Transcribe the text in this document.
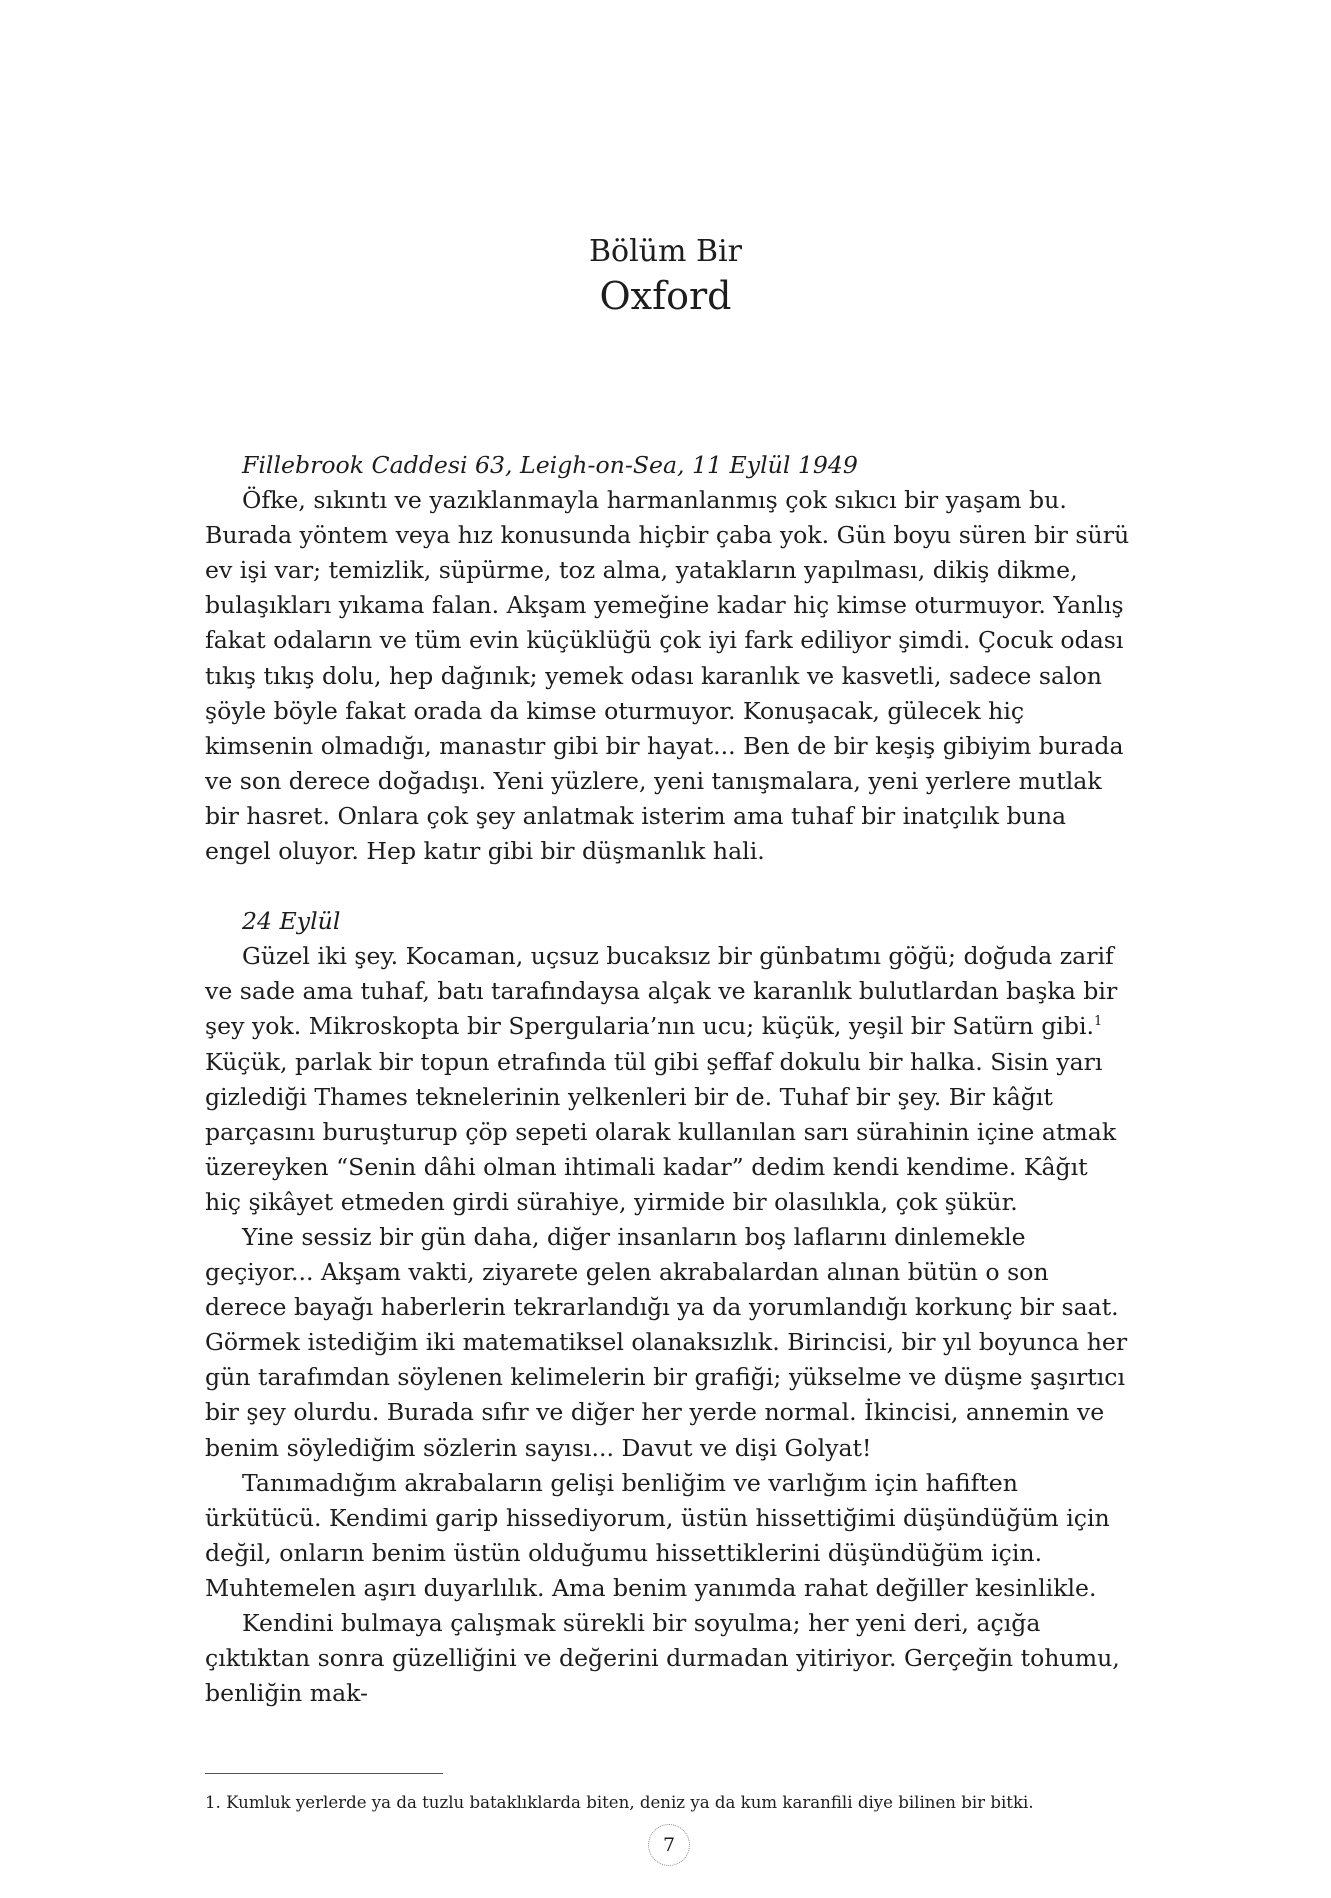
Bölüm Bir
Oxford

Fillebrook Caddesi 63, Leigh-on-Sea, 11 Eylül 1949

Öfke, sıkıntı ve yazıklanmayla harmanlanmış çok sıkıcı bir yaşam bu. Burada yöntem veya hız konusunda hiçbir çaba yok. Gün boyu süren bir sürü ev işi var; temizlik, süpürme, toz alma, yatakların yapılması, dikiş dikme, bulaşıkları yıkama falan. Akşam yemeğine kadar hiç kimse oturmuyor. Yanlış fakat odaların ve tüm evin küçüklüğü çok iyi fark ediliyor şimdi. Çocuk odası tıkış tıkış dolu, hep dağınık; yemek odası karanlık ve kasvetli, sadece salon şöyle böyle fakat orada da kimse oturmuyor. Konuşacak, gülecek hiç kimsenin olmadığı, manastır gibi bir hayat... Ben de bir keşiş gibiyim burada ve son derece doğadışı. Yeni yüzlere, yeni tanışmalara, yeni yerlere mutlak bir hasret. Onlara çok şey anlatmak isterim ama tuhaf bir inatçılık buna engel oluyor. Hep katır gibi bir düşmanlık hali.

24 Eylül

Güzel iki şey. Kocaman, uçsuz bucaksız bir günbatımı göğü; doğuda zarif ve sade ama tuhaf, batı tarafındaysa alçak ve karanlık bulutlardan başka bir şey yok. Mikroskopta bir Spergularia’nın ucu; küçük, yeşil bir Satürn gibi.$^1$ Küçük, parlak bir topun etrafında tül gibi şeffaf dokulu bir halka. Sisin yarı gizlediği Thames teknelerinin yelkenleri bir de. Tuhaf bir şey. Bir kâğıt parçasını buruşturup çöp sepeti olarak kullanılan sarı sürahinin içine atmak üzereyken “Senin dâhi olman ihtimali kadar” dedim kendi kendime. Kâğıt hiç şikâyet etmeden girdi sürahiye, yirmide bir olasılıkla, çok şükür.

Yine sessiz bir gün daha, diğer insanların boş laflarını dinlemekle geçiyor... Akşam vakti, ziyarete gelen akrabalardan alınan bütün o son derece bayağı haberlerin tekrarlandığı ya da yorumlandığı korkunç bir saat. Görmek istediğim iki matematiksel olanaksızlık. Birincisi, bir yıl boyunca her gün tarafımdan söylenen kelimelerin bir grafiği; yükselme ve düşme şaşırtıcı bir şey olurdu. Burada sıfır ve diğer her yerde normal. İkincisi, annemin ve benim söylediğim sözlerin sayısı... Davut ve dişi Golyat!

Tanımadığım akrabaların gelişi benliğim ve varlığım için hafiften ürkütücü. Kendimi garip hissediyorum, üstün hissettiğimi düşündüğüm için değil, onların benim üstün olduğumu hissettiklerini düşündüğüm için. Muhtemelen aşırı duyarlılık. Ama benim yanımda rahat değiller kesinlikle.

Kendini bulmaya çalışmak sürekli bir soyulma; her yeni deri, açığa çıktıktan sonra güzelliğini ve değerini durmadan yitiriyor. Gerçeğin tohumu, benliğin mak-

1. Kumluk yerlerde ya da tuzlu bataklıklarda biten, deniz ya da kum karanfili diye bilinen bir bitki.
7
